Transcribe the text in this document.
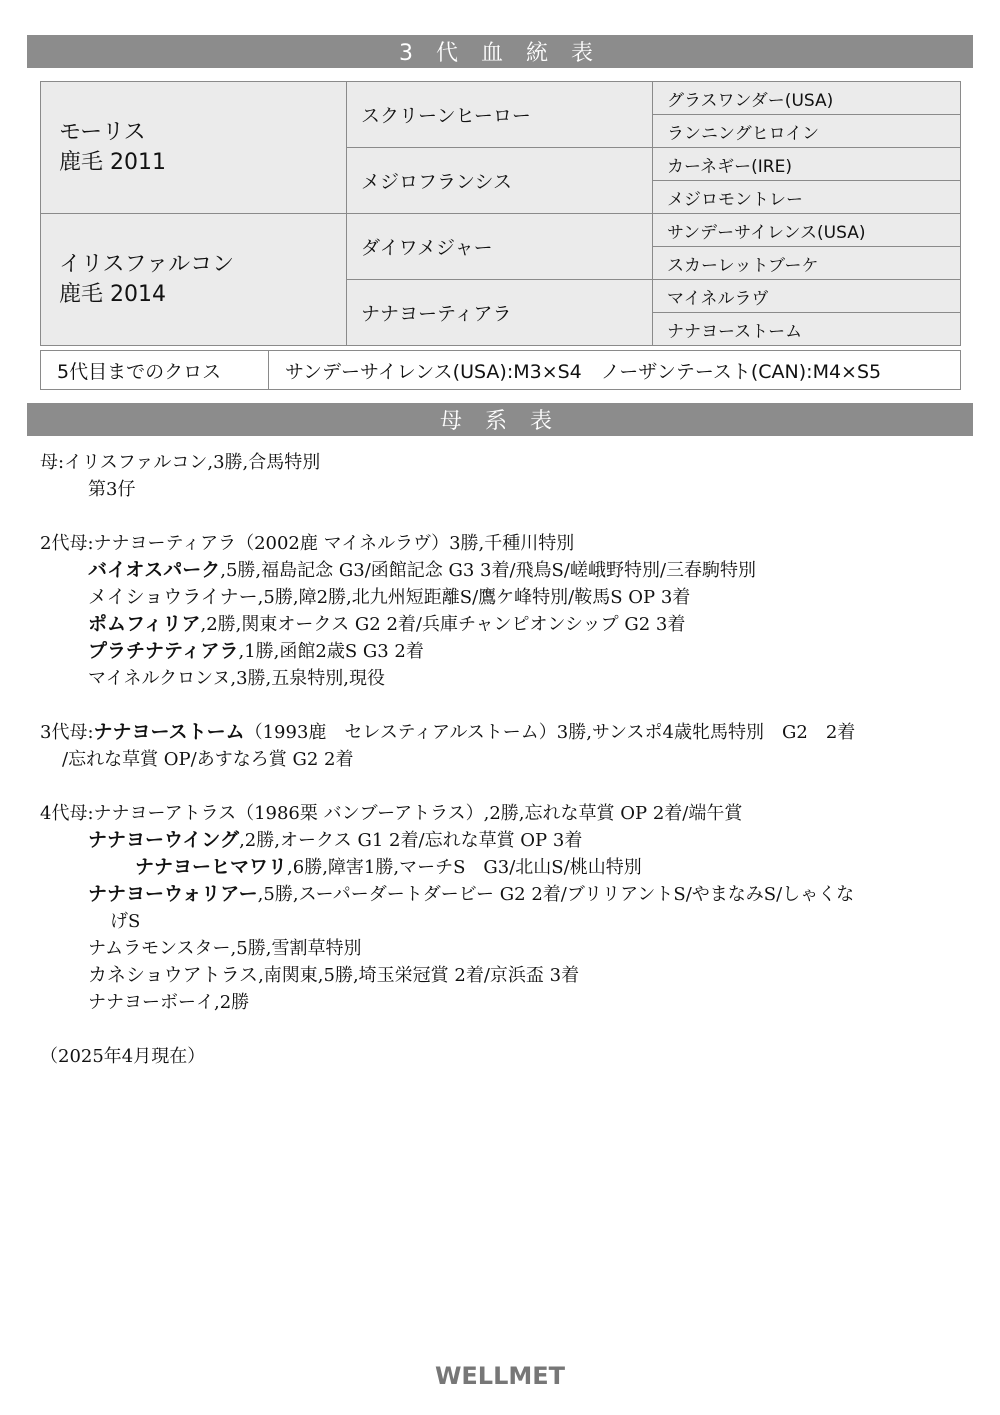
3 代 血 統 表
モーリス
鹿毛 2011	スクリーンヒーロー	グラスワンダー(USA)
		ランニングヒロイン
	メジロフランシス	カーネギー(IRE)
		メジロモントレー

イリスファルコン
鹿毛 2014	ダイワメジャー	サンデーサイレンス(USA)
		スカーレットブーケ
	ナナヨーティアラ	マイネルラヴ
		ナナヨーストーム
5代目までのクロス	サンデーサイレンス(USA):M3×S4　ノーザンテースト(CAN):M4×S5
母 系 表
母:イリスファルコン,3勝,合馬特別
第3仔
2代母:ナナヨーティアラ（2002鹿 マイネルラヴ）3勝,千種川特別
バイオスパーク,5勝,福島記念 G3/函館記念 G3 3着/飛鳥S/嵯峨野特別/三春駒特別
メイショウライナー,5勝,障2勝,北九州短距離S/鷹ケ峰特別/鞍馬S OP 3着
ポムフィリア,2勝,関東オークス G2 2着/兵庫チャンピオンシップ G2 3着
プラチナティアラ,1勝,函館2歳S G3 2着
マイネルクロンヌ,3勝,五泉特別,現役
3代母:ナナヨーストーム（1993鹿　セレスティアルストーム）3勝,サンスポ4歳牝馬特別　G2　2着
/忘れな草賞 OP/あすなろ賞 G2 2着
4代母:ナナヨーアトラス（1986栗 バンブーアトラス）,2勝,忘れな草賞 OP 2着/端午賞
ナナヨーウイング,2勝,オークス G1 2着/忘れな草賞 OP 3着
ナナヨーヒマワリ,6勝,障害1勝,マーチS　G3/北山S/桃山特別
ナナヨーウォリアー,5勝,スーパーダートダービー G2 2着/ブリリアントS/やまなみS/しゃくな
げS
ナムラモンスター,5勝,雪割草特別
カネショウアトラス,南関東,5勝,埼玉栄冠賞 2着/京浜盃 3着
ナナヨーボーイ,2勝
（2025年4月現在）
WELLMET
